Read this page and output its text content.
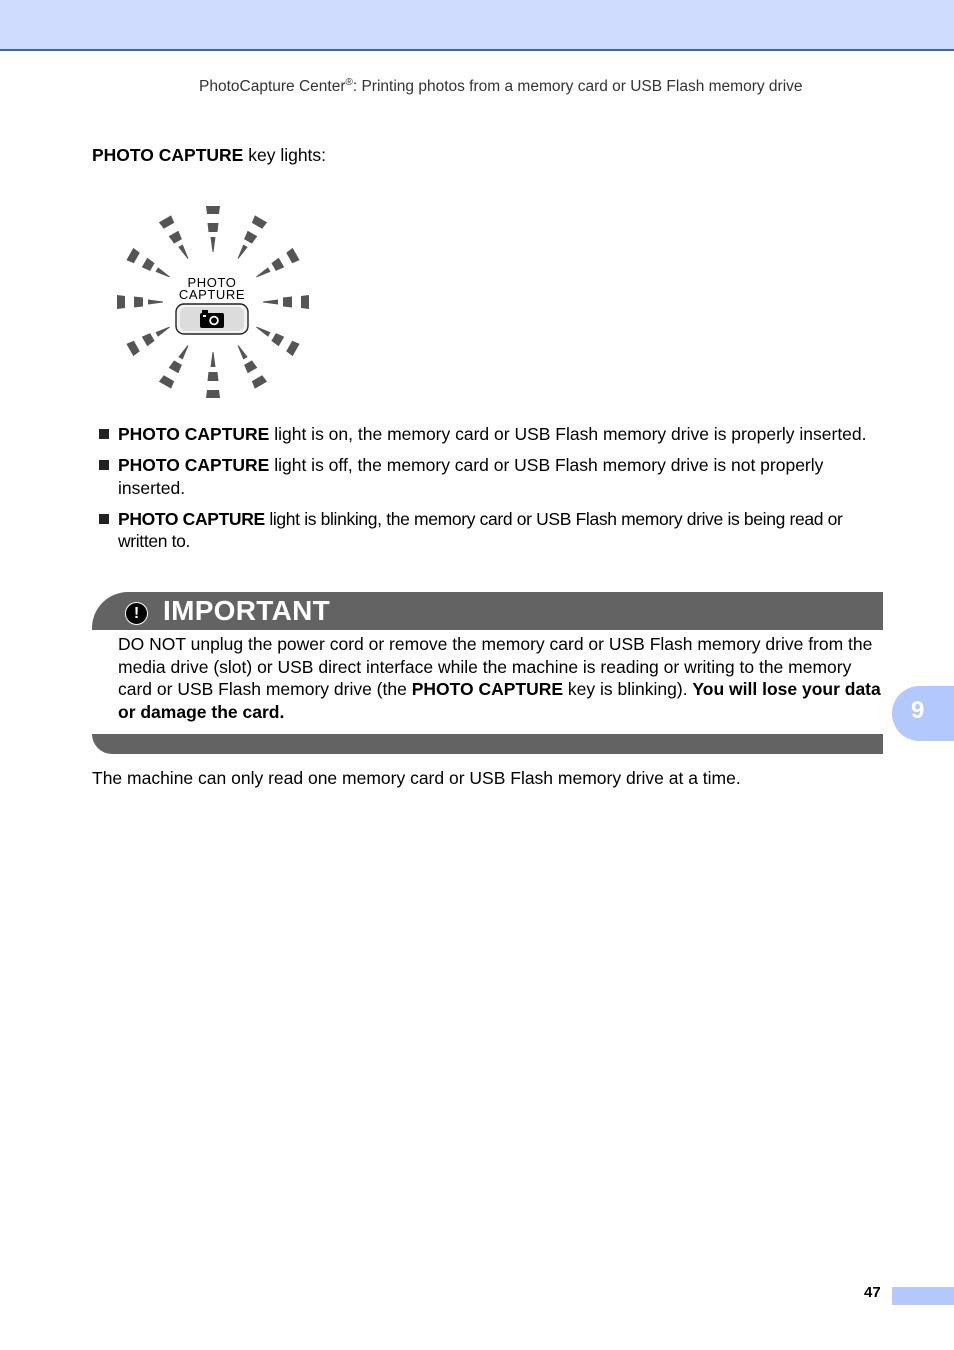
PhotoCapture Center®: Printing photos from a memory card or USB Flash memory drive
PHOTO CAPTURE key lights:
PHOTO
CAPTURE
PHOTO CAPTURE light is on, the memory card or USB Flash memory drive is properly inserted.
PHOTO CAPTURE light is off, the memory card or USB Flash memory drive is not properly inserted.
PHOTO CAPTURE light is blinking, the memory card or USB Flash memory drive is being read or written to.
! IMPORTANT
DO NOT unplug the power cord or remove the memory card or USB Flash memory drive from the media drive (slot) or USB direct interface while the machine is reading or writing to the memory card or USB Flash memory drive (the PHOTO CAPTURE key is blinking). You will lose your data or damage the card.
The machine can only read one memory card or USB Flash memory drive at a time.
9
47
